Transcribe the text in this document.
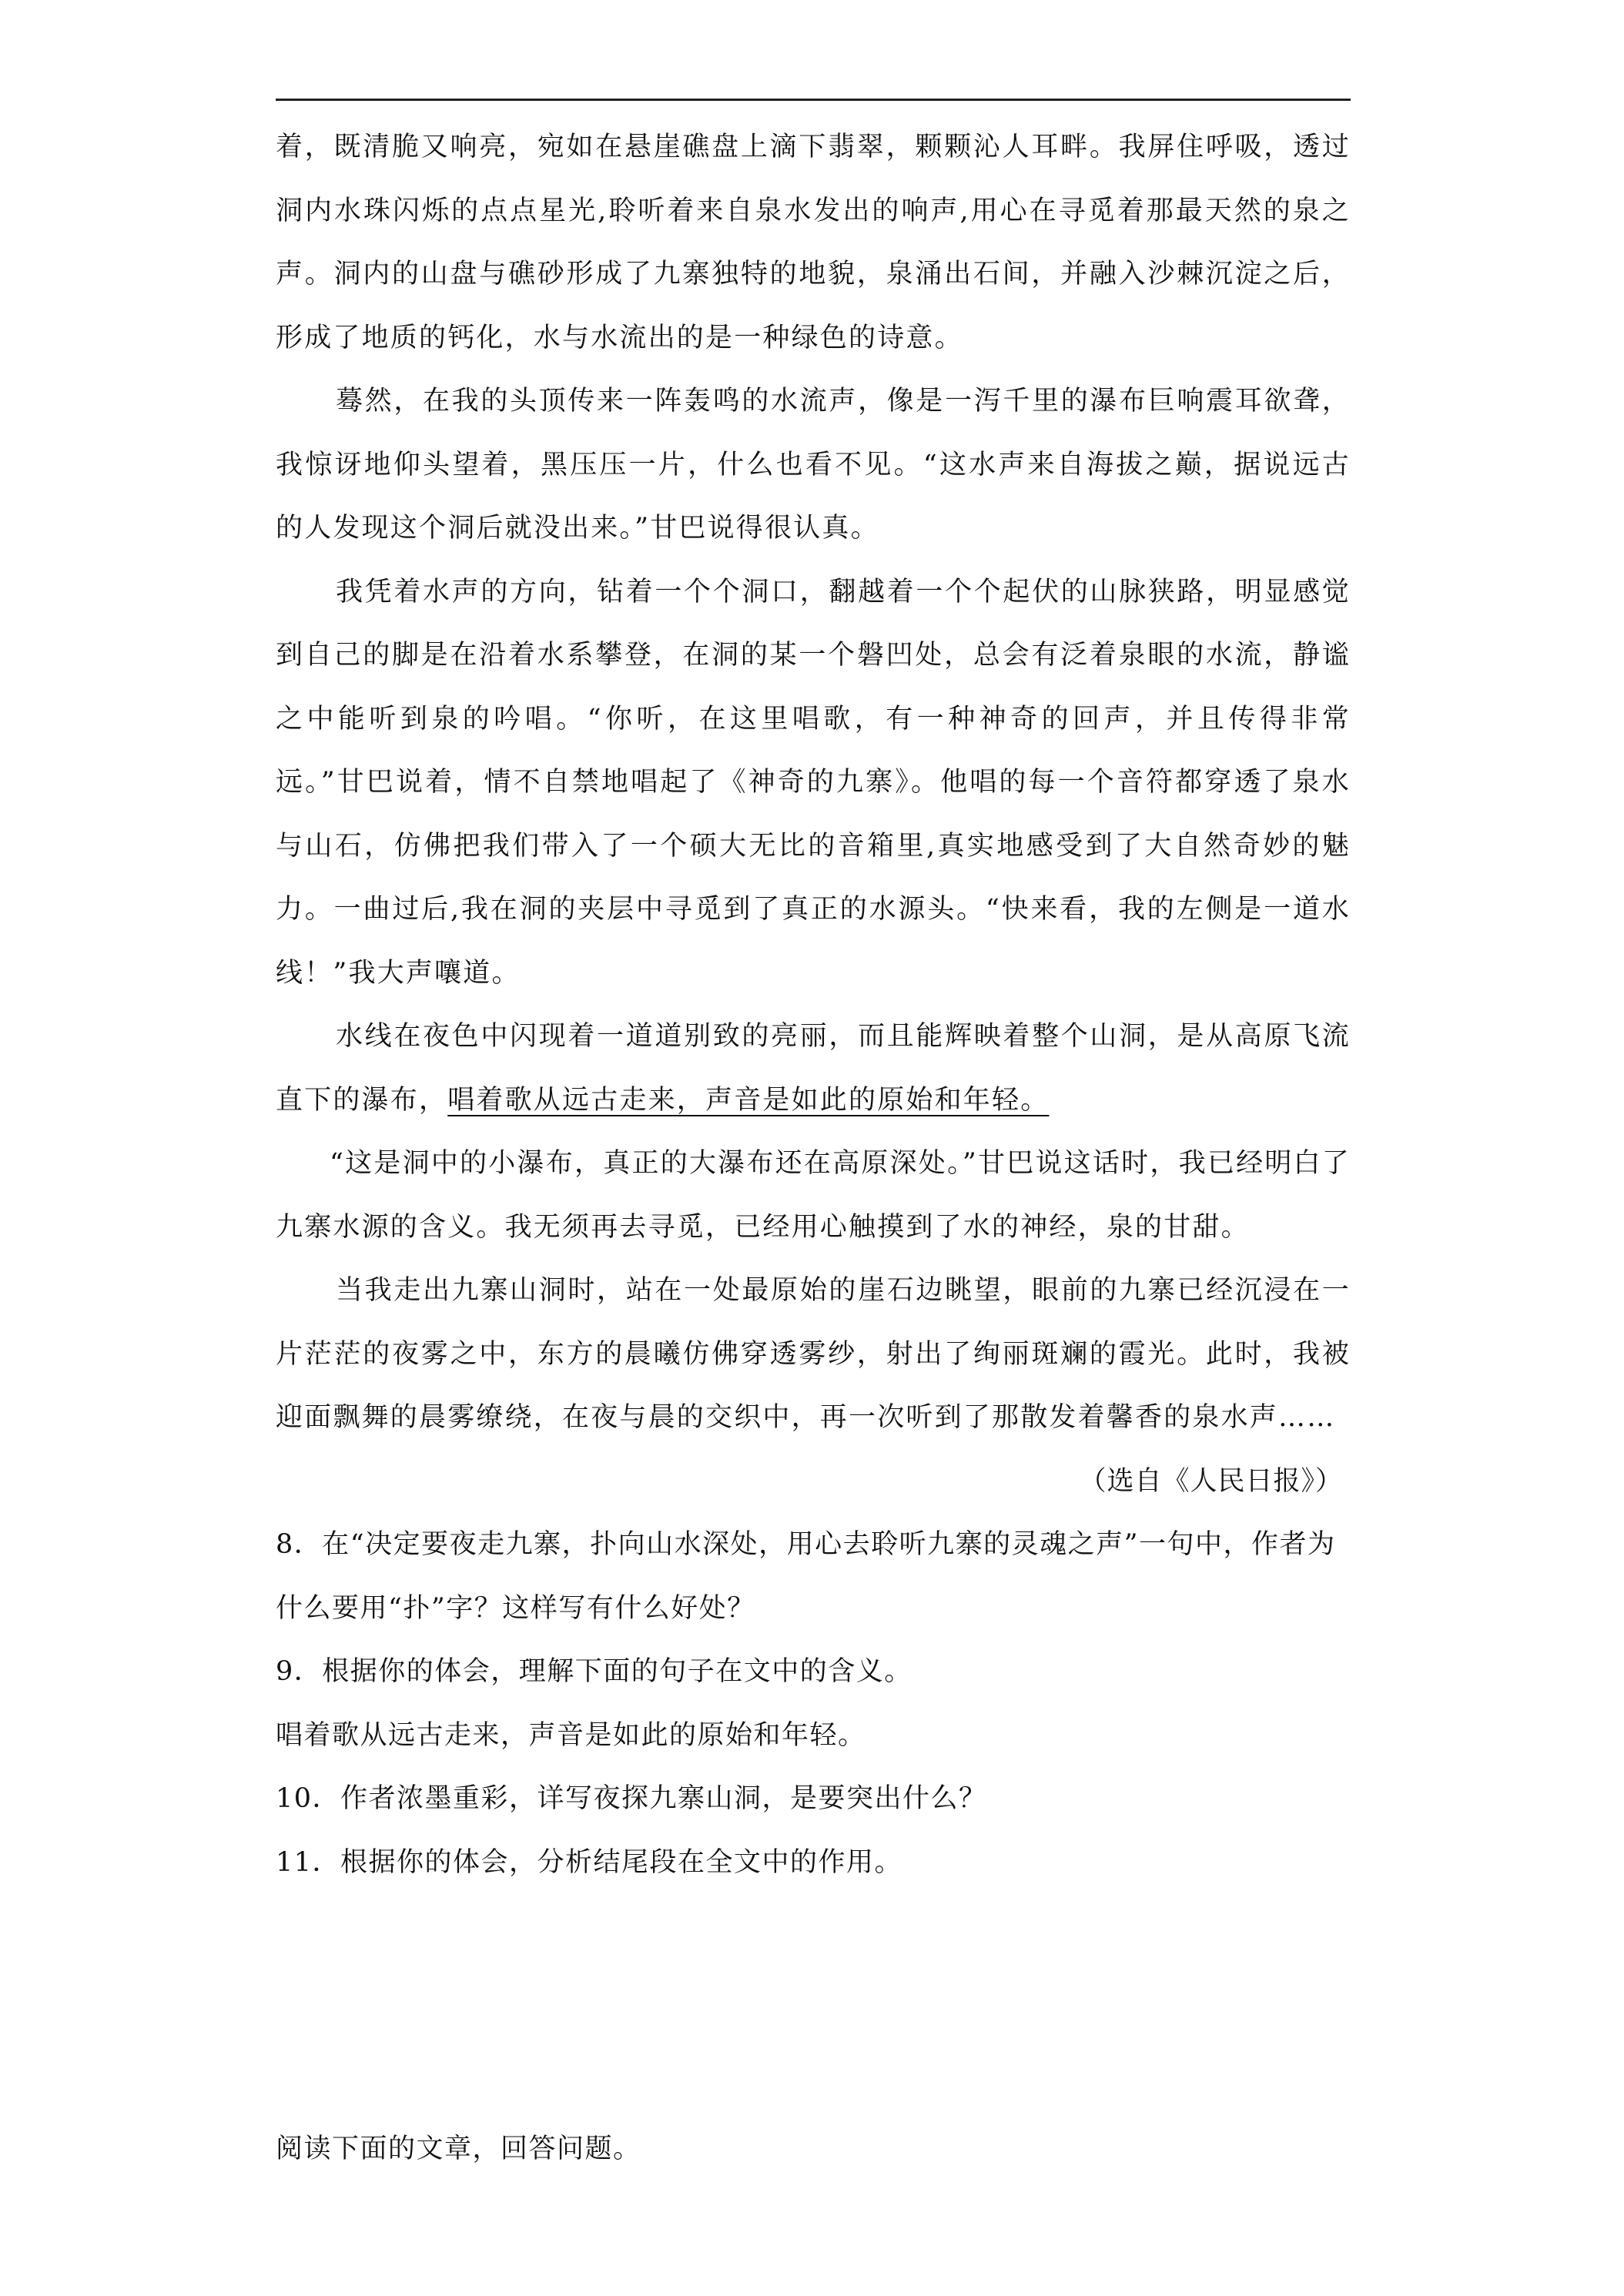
着，既清脆又响亮，宛如在悬崖礁盘上滴下翡翠，颗颗沁人耳畔。我屏住呼吸，透过洞内水珠闪烁的点点星光,聆听着来自泉水发出的响声,用心在寻觅着那最天然的泉之声。洞内的山盘与礁砂形成了九寨独特的地貌，泉涌出石间，并融入沙棘沉淀之后，形成了地质的钙化，水与水流出的是一种绿色的诗意。

蓦然，在我的头顶传来一阵轰鸣的水流声，像是一泻千里的瀑布巨响震耳欲聋，我惊讶地仰头望着，黑压压一片，什么也看不见。“这水声来自海拔之巅，据说远古的人发现这个洞后就没出来。”甘巴说得很认真。

我凭着水声的方向，钻着一个个洞口，翻越着一个个起伏的山脉狭路，明显感觉到自己的脚是在沿着水系攀登，在洞的某一个磐凹处，总会有泛着泉眼的水流，静谧之中能听到泉的吟唱。“你听，在这里唱歌，有一种神奇的回声，并且传得非常远。”甘巴说着，情不自禁地唱起了《神奇的九寨》。他唱的每一个音符都穿透了泉水与山石，仿佛把我们带入了一个硕大无比的音箱里,真实地感受到了大自然奇妙的魅力。一曲过后,我在洞的夹层中寻觅到了真正的水源头。“快来看，我的左侧是一道水线！”我大声嚷道。

水线在夜色中闪现着一道道别致的亮丽，而且能辉映着整个山洞，是从高原飞流直下的瀑布，唱着歌从远古走来，声音是如此的原始和年轻。

“这是洞中的小瀑布，真正的大瀑布还在高原深处。”甘巴说这话时，我已经明白了九寨水源的含义。我无须再去寻觅，已经用心触摸到了水的神经，泉的甘甜。

当我走出九寨山洞时，站在一处最原始的崖石边眺望，眼前的九寨已经沉浸在一片茫茫的夜雾之中，东方的晨曦仿佛穿透雾纱，射出了绚丽斑斓的霞光。此时，我被迎面飘舞的晨雾缭绕，在夜与晨的交织中，再一次听到了那散发着馨香的泉水声……

（选自《人民日报》）

8．在“决定要夜走九寨，扑向山水深处，用心去聆听九寨的灵魂之声”一句中，作者为什么要用“扑”字？这样写有什么好处？

9．根据你的体会，理解下面的句子在文中的含义。

唱着歌从远古走来，声音是如此的原始和年轻。

10．作者浓墨重彩，详写夜探九寨山洞，是要突出什么？

11．根据你的体会，分析结尾段在全文中的作用。

阅读下面的文章，回答问题。
